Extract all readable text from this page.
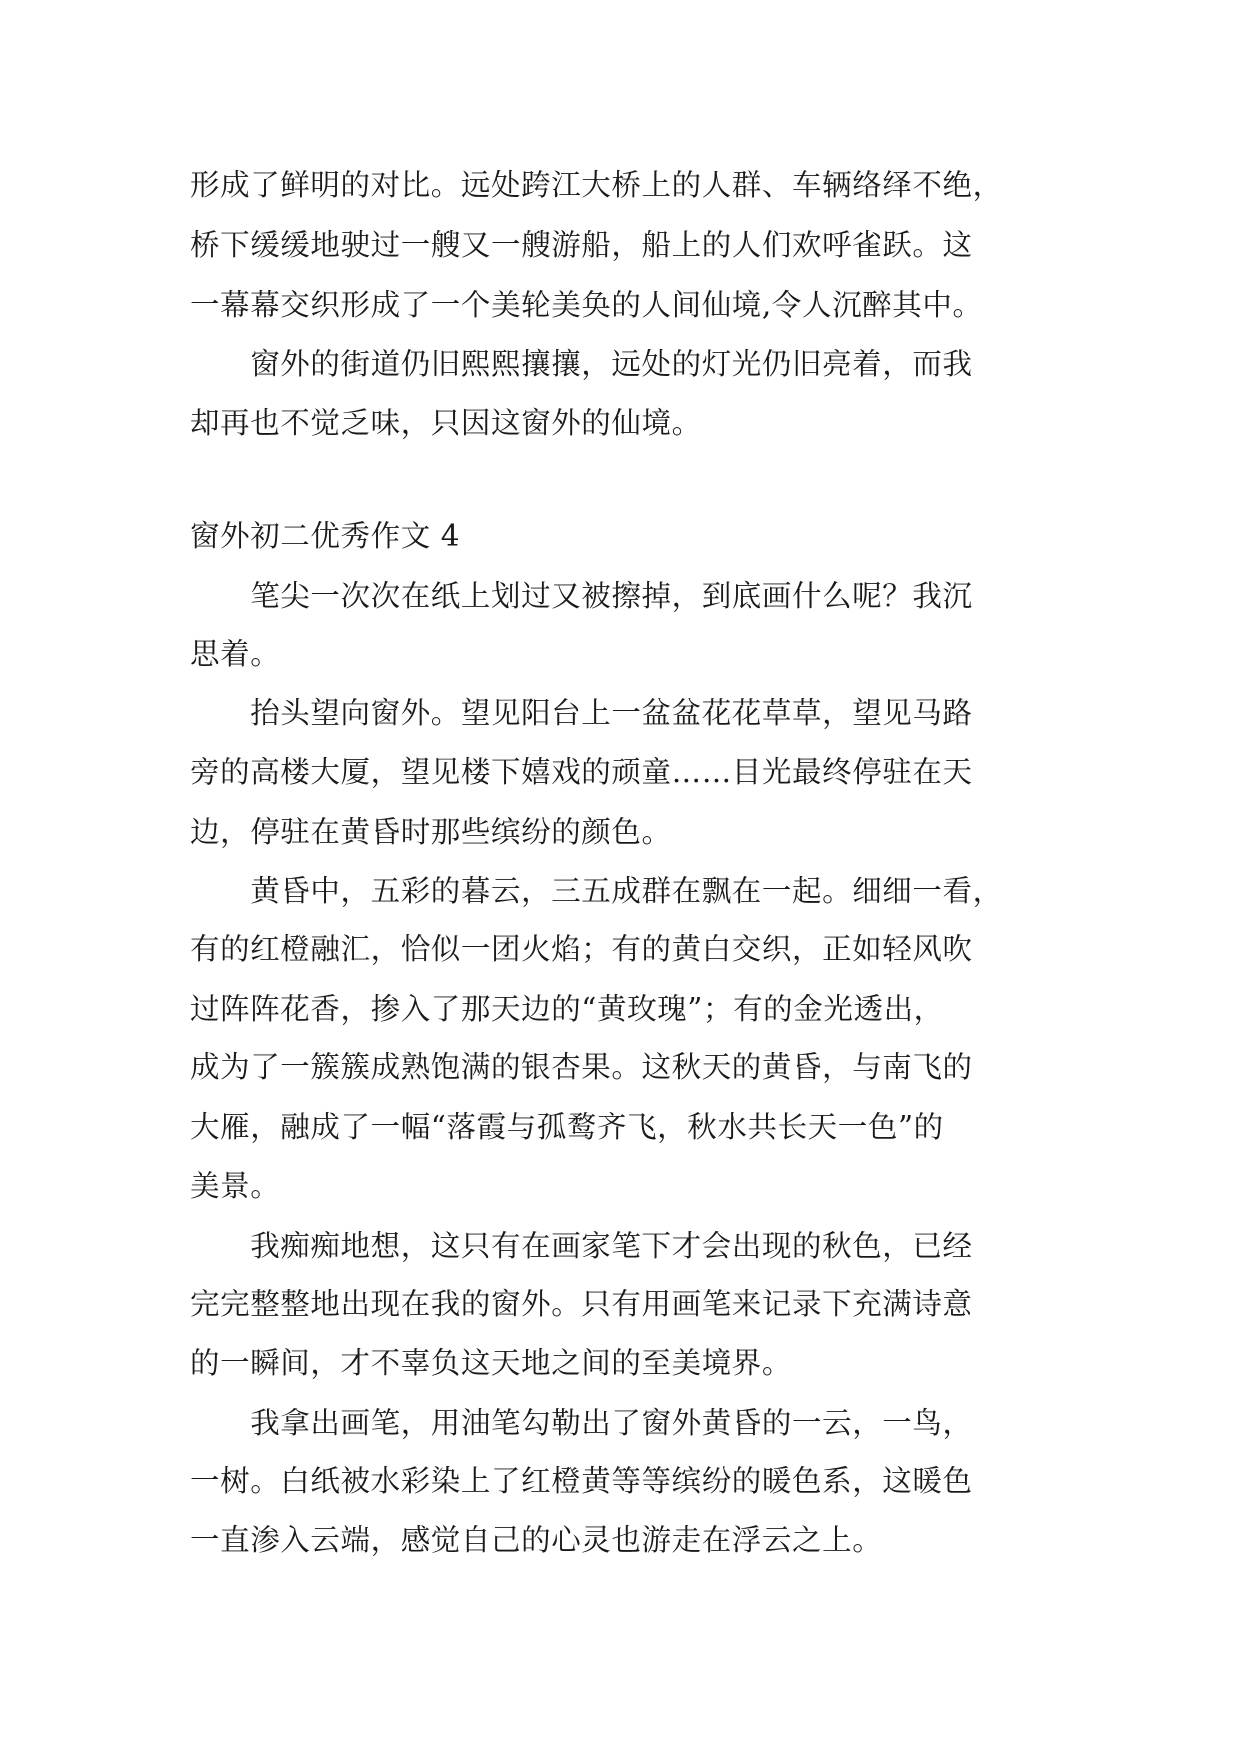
形成了鲜明的对比。远处跨江大桥上的人群、车辆络绎不绝，
桥下缓缓地驶过一艘又一艘游船，船上的人们欢呼雀跃。这
一幕幕交织形成了一个美轮美奂的人间仙境,令人沉醉其中。
　　窗外的街道仍旧熙熙攘攘，远处的灯光仍旧亮着，而我
却再也不觉乏味，只因这窗外的仙境。
窗外初二优秀作文 4
　　笔尖一次次在纸上划过又被擦掉，到底画什么呢？我沉
思着。
　　抬头望向窗外。望见阳台上一盆盆花花草草，望见马路
旁的高楼大厦，望见楼下嬉戏的顽童……目光最终停驻在天
边，停驻在黄昏时那些缤纷的颜色。
　　黄昏中，五彩的暮云，三五成群在飘在一起。细细一看，
有的红橙融汇，恰似一团火焰；有的黄白交织，正如轻风吹
过阵阵花香，掺入了那天边的“黄玫瑰”；有的金光透出，
成为了一簇簇成熟饱满的银杏果。这秋天的黄昏，与南飞的
大雁，融成了一幅“落霞与孤鹜齐飞，秋水共长天一色”的
美景。
　　我痴痴地想，这只有在画家笔下才会出现的秋色，已经
完完整整地出现在我的窗外。只有用画笔来记录下充满诗意
的一瞬间，才不辜负这天地之间的至美境界。
　　我拿出画笔，用油笔勾勒出了窗外黄昏的一云，一鸟，
一树。白纸被水彩染上了红橙黄等等缤纷的暖色系，这暖色
一直渗入云端，感觉自己的心灵也游走在浮云之上。
